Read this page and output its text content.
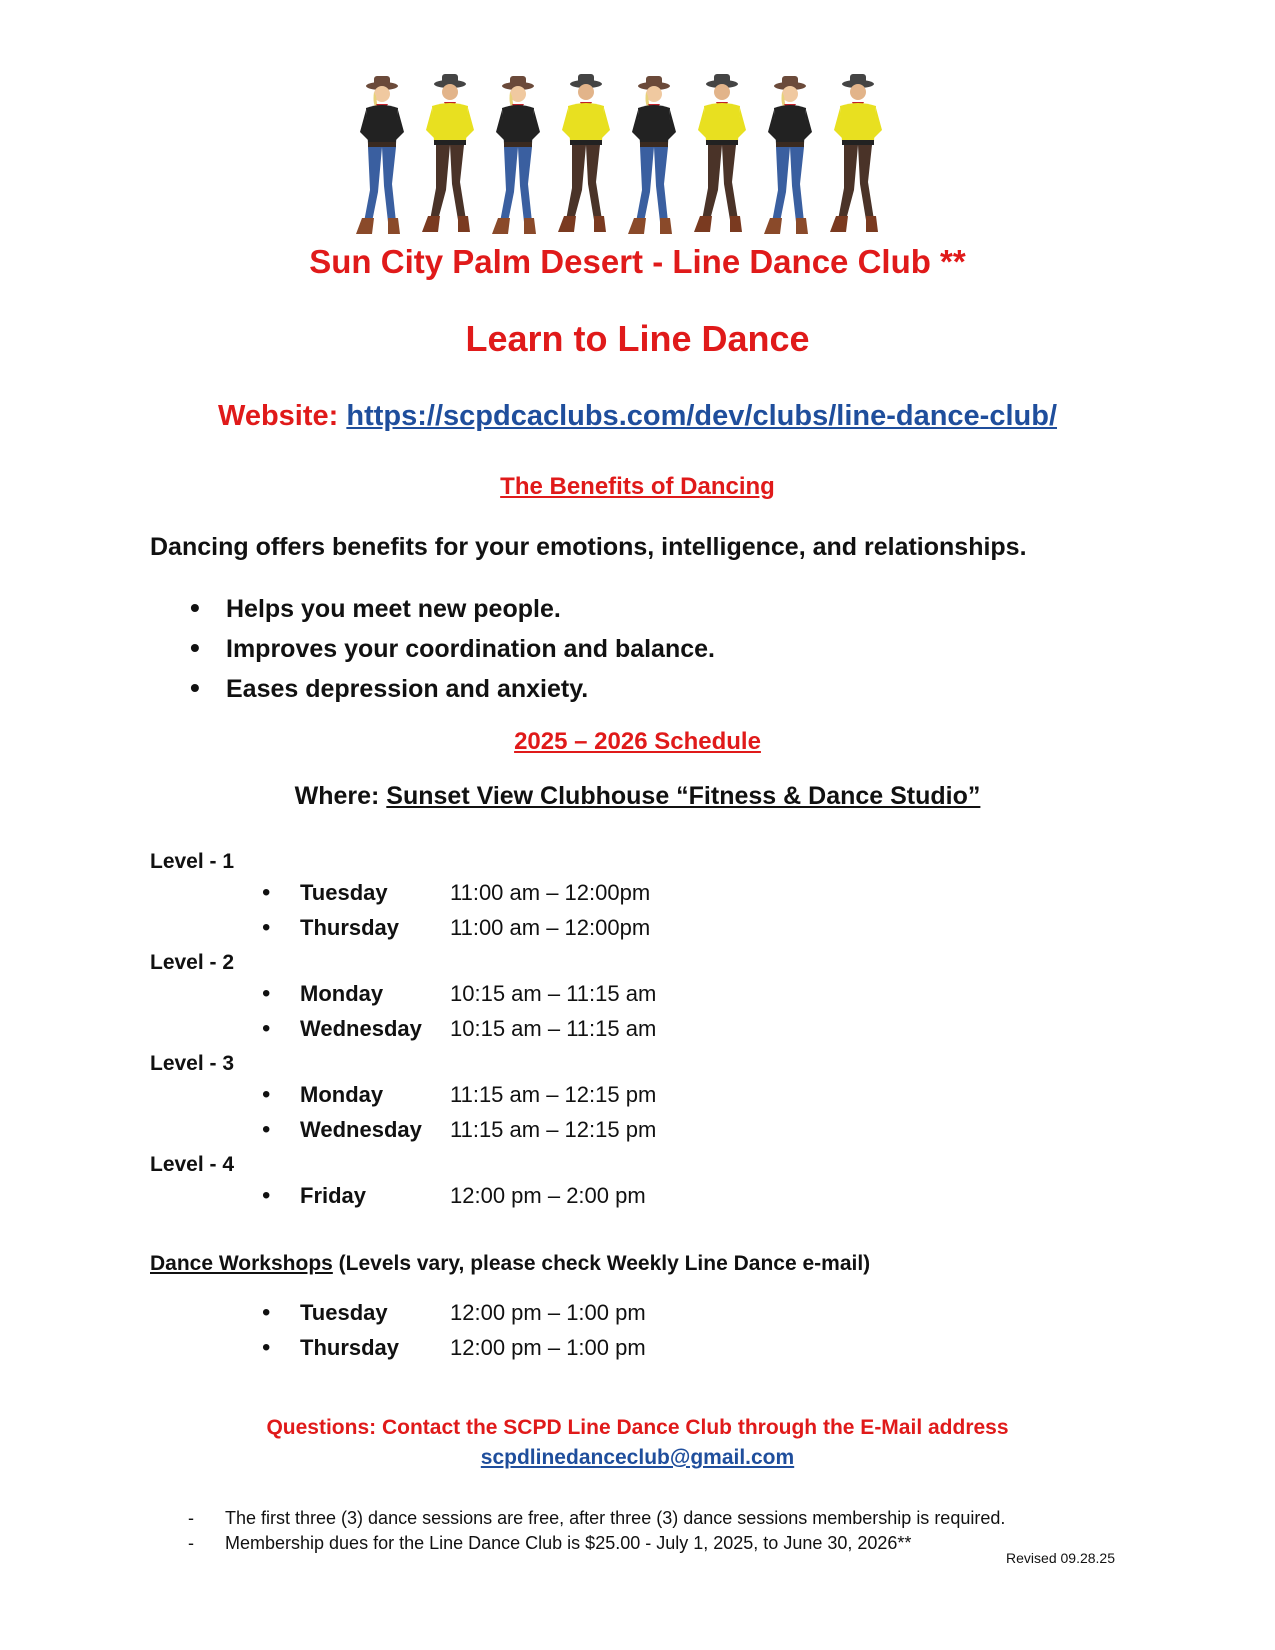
Sun City Palm Desert - Line Dance Club **
Learn to Line Dance
Website: https://scpdcaclubs.com/dev/clubs/line-dance-club/
The Benefits of Dancing
Dancing offers benefits for your emotions, intelligence, and relationships.
• Helps you meet new people.
• Improves your coordination and balance.
• Eases depression and anxiety.
2025 – 2026 Schedule
Where: Sunset View Clubhouse “Fitness & Dance Studio”
Level - 1
• Tuesday	11:00 am – 12:00pm
• Thursday 11:00 am – 12:00pm
Level - 2
• Monday	10:15 am – 11:15 am
• Wednesday 10:15 am – 11:15 am
Level - 3
• Monday	11:15 am – 12:15 pm
• Wednesday 11:15 am – 12:15 pm
Level - 4
• Friday	12:00 pm – 2:00 pm
Dance Workshops (Levels vary, please check Weekly Line Dance e-mail)
• Tuesday	12:00 pm – 1:00 pm
• Thursday 12:00 pm – 1:00 pm
Questions: Contact the SCPD Line Dance Club through the E-Mail address
scpdlinedanceclub@gmail.com
- The first three (3) dance sessions are free, after three (3) dance sessions membership is required.
- Membership dues for the Line Dance Club is $25.00 - July 1, 2025, to June 30, 2026**
Revised 09.28.25
